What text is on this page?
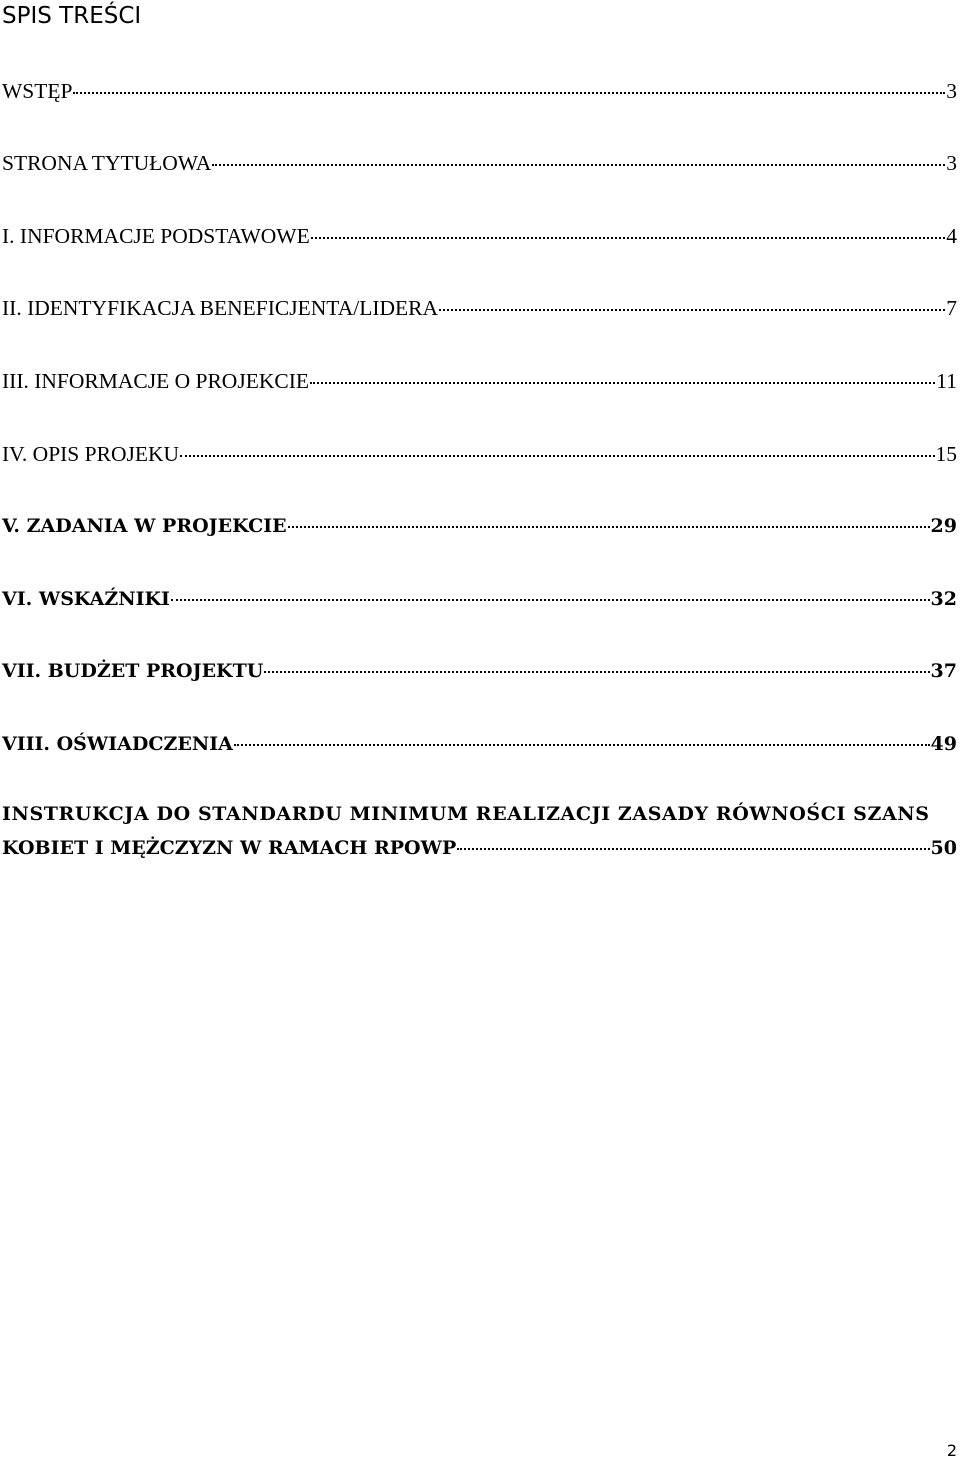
SPIS TREŚCI
WSTĘP	3
STRONA TYTUŁOWA	3
I. INFORMACJE PODSTAWOWE	4
II. IDENTYFIKACJA BENEFICJENTA/LIDERA	7
III. INFORMACJE O PROJEKCIE	11
IV. OPIS PROJEKU	15
V. ZADANIA W PROJEKCIE	29
VI. WSKAŹNIKI	32
VII. BUDŻET PROJEKTU	37
VIII. OŚWIADCZENIA	49
INSTRUKCJA DO STANDARDU MINIMUM REALIZACJI ZASADY RÓWNOŚCI SZANS
KOBIET I MĘŻCZYZN W RAMACH RPOWP	50
2
